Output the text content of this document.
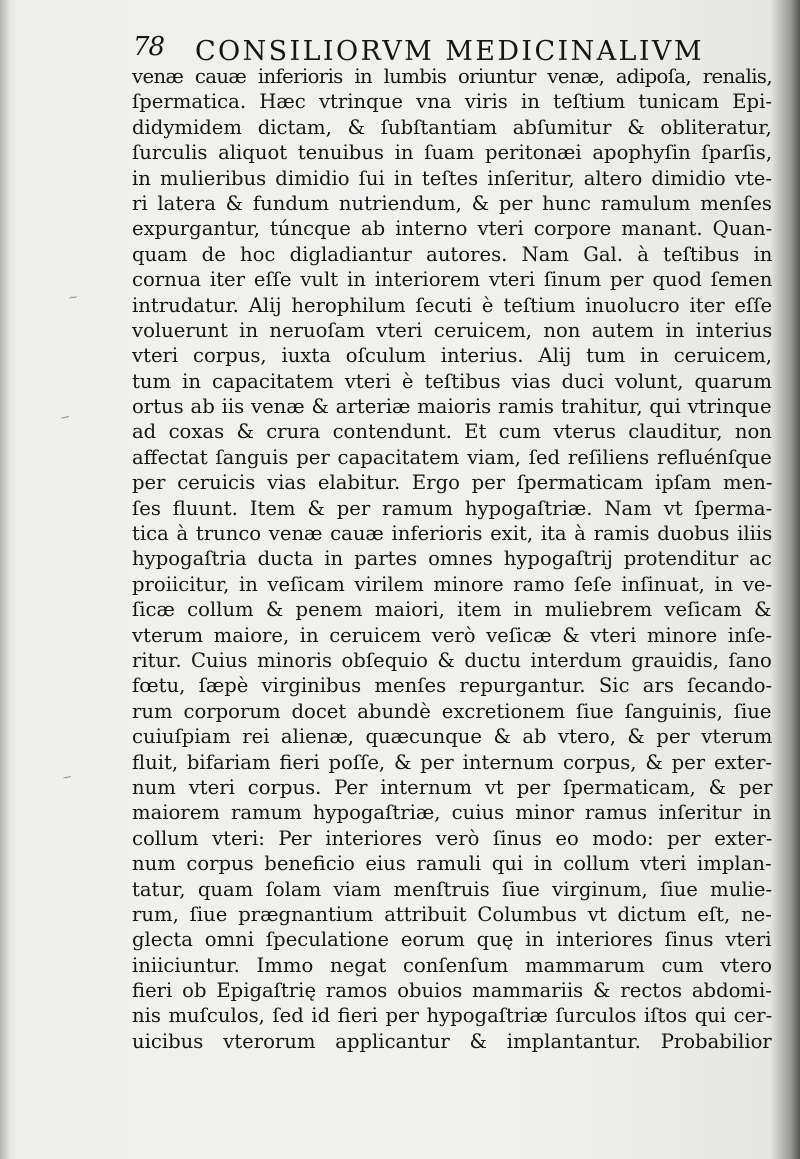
78 CONSILIORVM MEDICINALIVM
~
−
−
venæ cauæ inferioris in lumbis oriuntur venæ, adipoſa, renalis,
ſpermatica. Hæc vtrinque vna viris in teſtium tunicam Epi-
didymidem dictam, & ſubſtantiam abſumitur & obliteratur,
ſurculis aliquot tenuibus in ſuam peritonæi apophyſin ſparſis,
in mulieribus dimidio ſui in teſtes inſeritur, altero dimidio vte-
ri latera & fundum nutriendum, & per hunc ramulum menſes
expurgantur, túncque ab interno vteri corpore manant. Quan-
quam de hoc digladiantur autores. Nam Gal. à teſtibus in
cornua iter eſſe vult in interiorem vteri ſinum per quod ſemen
intrudatur. Alij herophilum ſecuti è teſtium inuolucro iter eſſe
voluerunt in neruoſam vteri ceruicem, non autem in interius
vteri corpus, iuxta oſculum interius. Alij tum in ceruicem,
tum in capacitatem vteri è teſtibus vias duci volunt, quarum
ortus ab iis venæ & arteriæ maioris ramis trahitur, qui vtrinque
ad coxas & crura contendunt. Et cum vterus clauditur, non
affectat ſanguis per capacitatem viam, ſed reſiliens refluénſque
per ceruicis vias elabitur. Ergo per ſpermaticam ipſam men-
ſes fluunt. Item & per ramum hypogaſtriæ. Nam vt ſperma-
tica à trunco venæ cauæ inferioris exit, ita à ramis duobus iliis
hypogaſtria ducta in partes omnes hypogaſtrij protenditur ac
proiicitur, in veſicam virilem minore ramo ſeſe inſinuat, in ve-
ſicæ collum & penem maiori, item in muliebrem veſicam &
vterum maiore, in ceruicem verò veſicæ & vteri minore inſe-
ritur. Cuius minoris obſequio & ductu interdum grauidis, ſano
fœtu, ſæpè virginibus menſes repurgantur. Sic ars ſecando-
rum corporum docet abundè excretionem ſiue ſanguinis, ſiue
cuiuſpiam rei alienæ, quæcunque & ab vtero, & per vterum
fluit, bifariam fieri poſſe, & per internum corpus, & per exter-
num vteri corpus. Per internum vt per ſpermaticam, & per
maiorem ramum hypogaſtriæ, cuius minor ramus inſeritur in
collum vteri: Per interiores verò ſinus eo modo: per exter-
num corpus beneficio eius ramuli qui in collum vteri implan-
tatur, quam ſolam viam menſtruis ſiue virginum, ſiue mulie-
rum, ſiue prægnantium attribuit Columbus vt dictum eſt, ne-
glecta omni ſpeculatione eorum quę in interiores ſinus vteri
iniiciuntur. Immo negat conſenſum mammarum cum vtero
fieri ob Epigaſtrię ramos obuios mammariis & rectos abdomi-
nis muſculos, ſed id fieri per hypogaſtriæ ſurculos iſtos qui cer-
uicibus vterorum applicantur & implantantur. Probabilior
